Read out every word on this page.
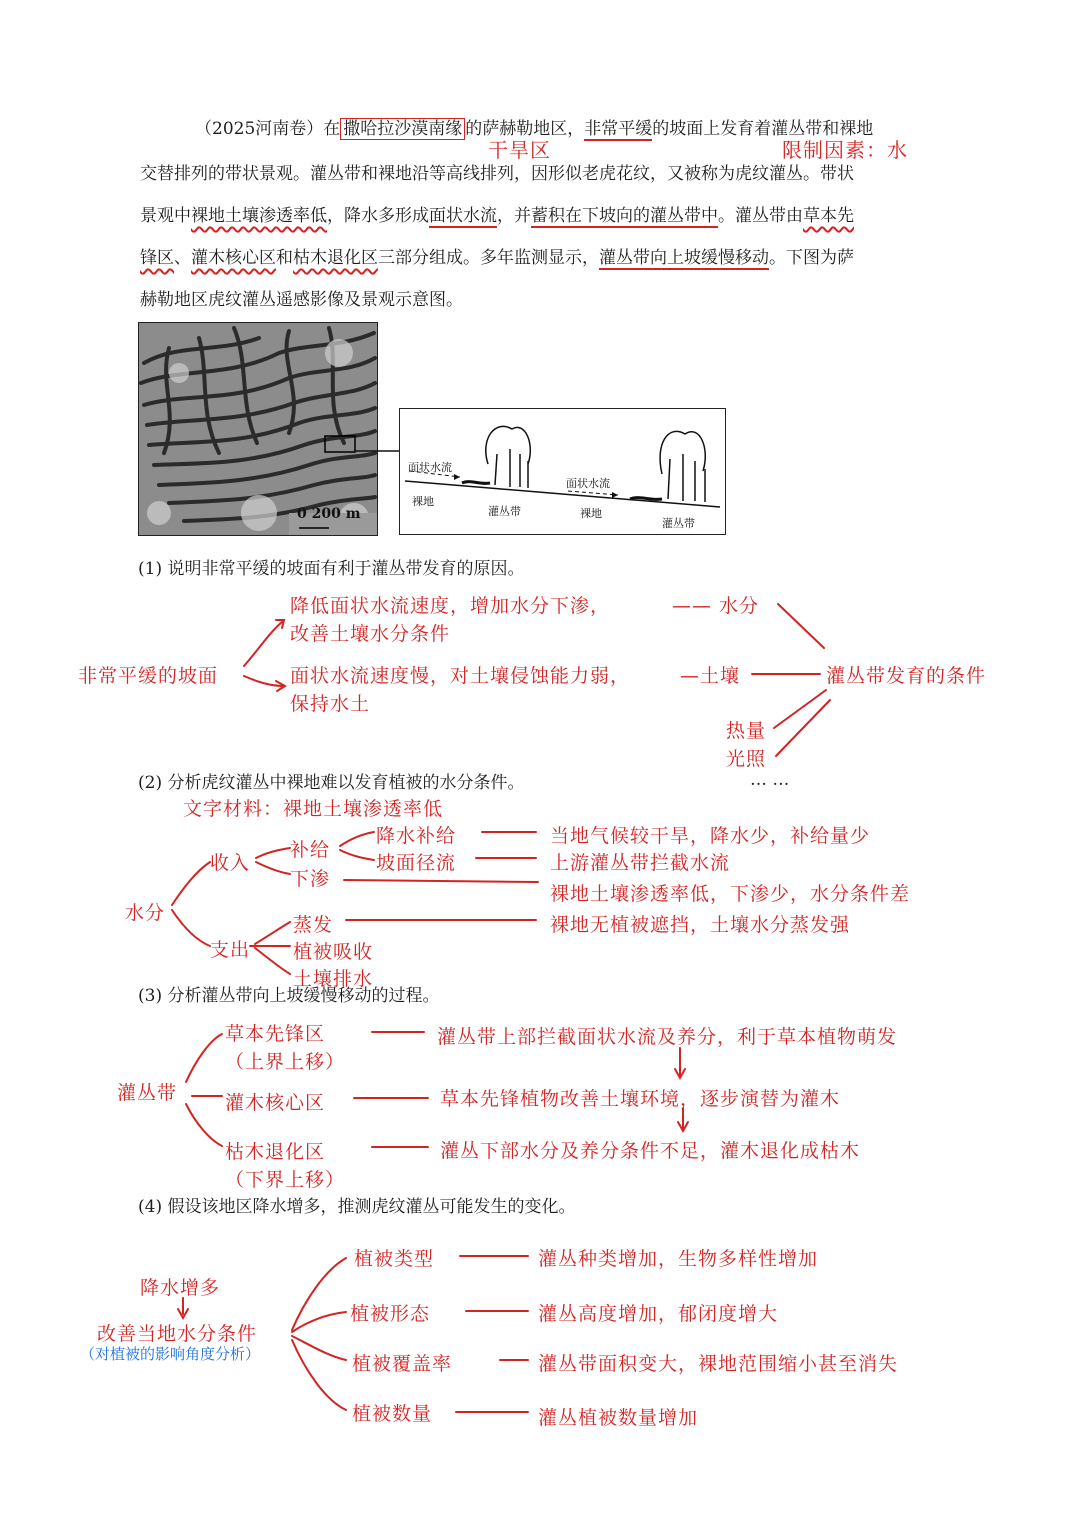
（2025河南卷）在 撒哈拉沙漠南缘 的萨赫勒地区，非常平缓的坡面上发育着灌丛带和裸地
干旱区	限制因素：水
交替排列的带状景观。灌丛带和裸地沿等高线排列，因形似老虎花纹，又被称为虎纹灌丛。带状
景观中裸地土壤渗透率低，降水多形成面状水流，并蓄积在下坡向的灌丛带中。灌丛带由草本先
锋区、灌木核心区和枯木退化区三部分组成。多年监测显示，灌丛带向上坡缓慢移动。下图为萨
赫勒地区虎纹灌丛遥感影像及景观示意图。
0 200 m
面状水流
裸地
灌丛带
面状水流
裸地
灌丛带
(1) 说明非常平缓的坡面有利于灌丛带发育的原因。
非常平缓的坡面
降低面状水流速度，增加水分下渗，
改善土壤水分条件
—— 水分
面状水流速度慢，对土壤侵蚀能力弱，
保持水土
—土壤	灌丛带发育的条件
热量
光照
… …
(2) 分析虎纹灌丛中裸地难以发育植被的水分条件。
文字材料：裸地土壤渗透率低
水分
收入
补给
降水补给	当地气候较干旱，降水少，补给量少
坡面径流	上游灌丛带拦截水流
下渗
裸地土壤渗透率低，下渗少，水分条件差
支出
蒸发	裸地无植被遮挡，土壤水分蒸发强
植被吸收
土壤排水
(3) 分析灌丛带向上坡缓慢移动的过程。
灌丛带
草本先锋区
（上界上移）
灌丛带上部拦截面状水流及养分，利于草本植物萌发
灌木核心区	草本先锋植物改善土壤环境，逐步演替为灌木
枯木退化区
（下界上移）
灌丛下部水分及养分条件不足，灌木退化成枯木
(4) 假设该地区降水增多，推测虎纹灌丛可能发生的变化。
降水增多
改善当地水分条件
（对植被的影响角度分析）
植被类型	灌丛种类增加，生物多样性增加
植被形态	灌丛高度增加，郁闭度增大
植被覆盖率	灌丛带面积变大，裸地范围缩小甚至消失
植被数量	灌丛植被数量增加
